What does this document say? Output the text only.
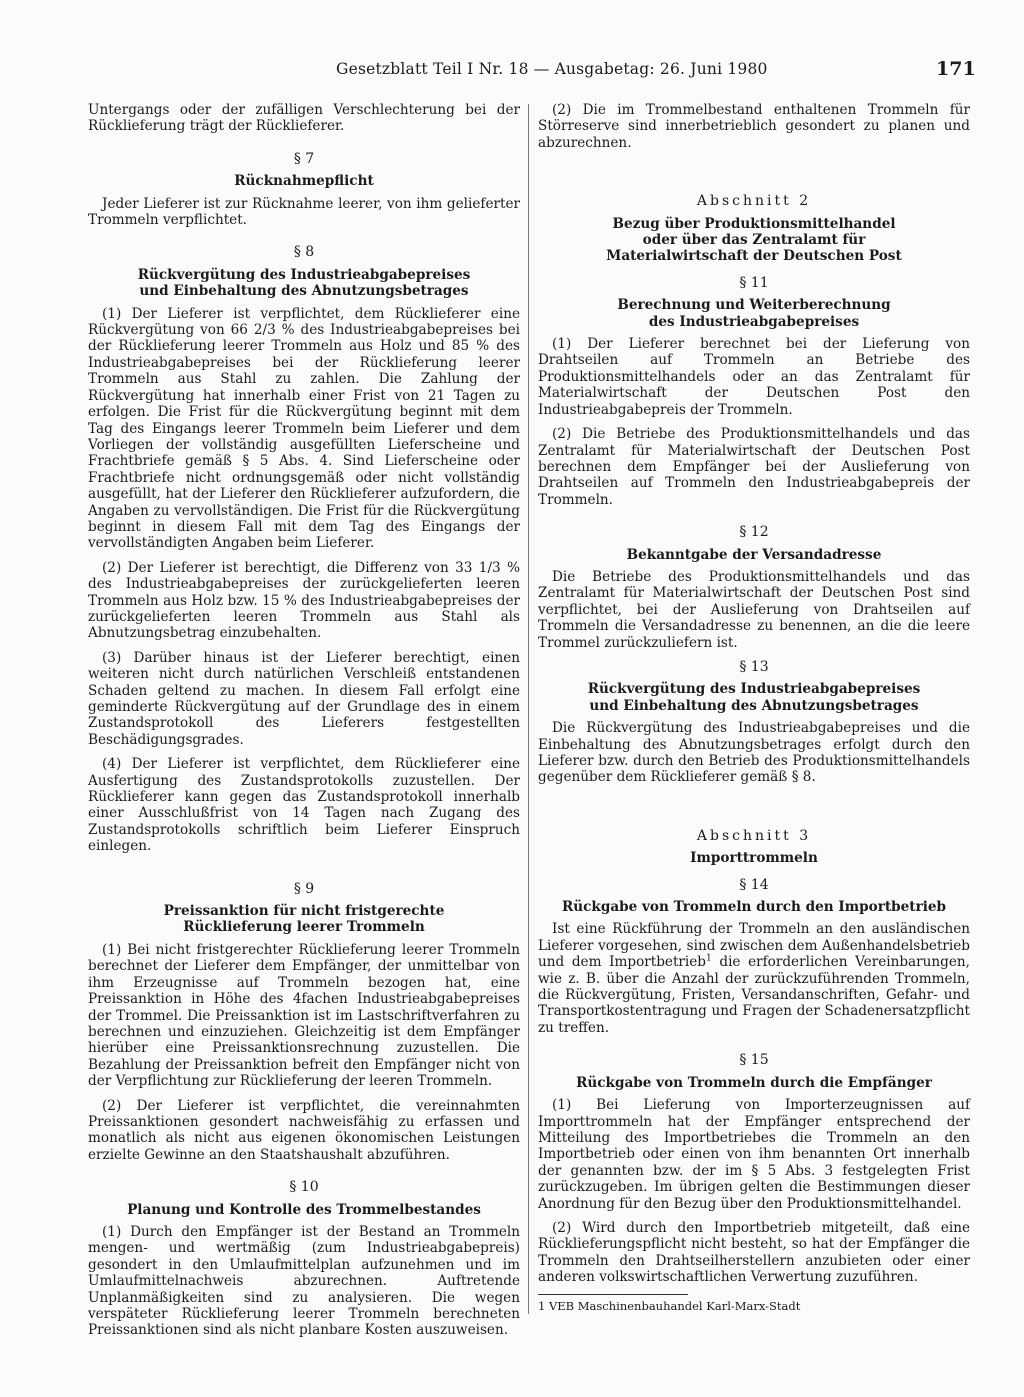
Gesetzblatt Teil I Nr. 18 — Ausgabetag: 26. Juni 1980	171

Untergangs oder der zufälligen Verschlechterung bei der Rücklieferung trägt der Rücklieferer.

§ 7
Rücknahmepflicht

Jeder Lieferer ist zur Rücknahme leerer, von ihm gelieferter Trommeln verpflichtet.

§ 8
Rückvergütung des Industrieabgabepreises
und Einbehaltung des Abnutzungsbetrages

(1) Der Lieferer ist verpflichtet, dem Rücklieferer eine Rückvergütung von 66 2/3 % des Industrieabgabepreises bei der Rücklieferung leerer Trommeln aus Holz und 85 % des Industrieabgabepreises bei der Rücklieferung leerer Trommeln aus Stahl zu zahlen. Die Zahlung der Rückvergütung hat innerhalb einer Frist von 21 Tagen zu erfolgen. Die Frist für die Rückvergütung beginnt mit dem Tag des Eingangs leerer Trommeln beim Lieferer und dem Vorliegen der vollständig ausgefüllten Lieferscheine und Frachtbriefe gemäß § 5 Abs. 4. Sind Lieferscheine oder Frachtbriefe nicht ordnungsgemäß oder nicht vollständig ausgefüllt, hat der Lieferer den Rücklieferer aufzufordern, die Angaben zu vervollständigen. Die Frist für die Rückvergütung beginnt in diesem Fall mit dem Tag des Eingangs der vervollständigten Angaben beim Lieferer.

(2) Der Lieferer ist berechtigt, die Differenz von 33 1/3 % des Industrieabgabepreises der zurückgelieferten leeren Trommeln aus Holz bzw. 15 % des Industrieabgabepreises der zurückgelieferten leeren Trommeln aus Stahl als Abnutzungsbetrag einzubehalten.

(3) Darüber hinaus ist der Lieferer berechtigt, einen weiteren nicht durch natürlichen Verschleiß entstandenen Schaden geltend zu machen. In diesem Fall erfolgt eine geminderte Rückvergütung auf der Grundlage des in einem Zustandsprotokoll des Lieferers festgestellten Beschädigungsgrades.

(4) Der Lieferer ist verpflichtet, dem Rücklieferer eine Ausfertigung des Zustandsprotokolls zuzustellen. Der Rücklieferer kann gegen das Zustandsprotokoll innerhalb einer Ausschlußfrist von 14 Tagen nach Zugang des Zustandsprotokolls schriftlich beim Lieferer Einspruch einlegen.

§ 9
Preissanktion für nicht fristgerechte
Rücklieferung leerer Trommeln

(1) Bei nicht fristgerechter Rücklieferung leerer Trommeln berechnet der Lieferer dem Empfänger, der unmittelbar von ihm Erzeugnisse auf Trommeln bezogen hat, eine Preissanktion in Höhe des 4fachen Industrieabgabepreises der Trommel. Die Preissanktion ist im Lastschriftverfahren zu berechnen und einzuziehen. Gleichzeitig ist dem Empfänger hierüber eine Preissanktionsrechnung zuzustellen. Die Bezahlung der Preissanktion befreit den Empfänger nicht von der Verpflichtung zur Rücklieferung der leeren Trommeln.

(2) Der Lieferer ist verpflichtet, die vereinnahmten Preissanktionen gesondert nachweisfähig zu erfassen und monatlich als nicht aus eigenen ökonomischen Leistungen erzielte Gewinne an den Staatshaushalt abzuführen.

§ 10
Planung und Kontrolle des Trommelbestandes

(1) Durch den Empfänger ist der Bestand an Trommeln mengen- und wertmäßig (zum Industrieabgabepreis) gesondert in den Umlaufmittelplan aufzunehmen und im Umlaufmittelnachweis abzurechnen. Auftretende Unplanmäßigkeiten sind zu analysieren. Die wegen verspäteter Rücklieferung leerer Trommeln berechneten Preissanktionen sind als nicht planbare Kosten auszuweisen.

(2) Die im Trommelbestand enthaltenen Trommeln für Störreserve sind innerbetrieblich gesondert zu planen und abzurechnen.

Abschnitt 2
Bezug über Produktionsmittelhandel
oder über das Zentralamt für
Materialwirtschaft der Deutschen Post
§ 11
Berechnung und Weiterberechnung
des Industrieabgabepreises

(1) Der Lieferer berechnet bei der Lieferung von Drahtseilen auf Trommeln an Betriebe des Produktionsmittelhandels oder an das Zentralamt für Materialwirtschaft der Deutschen Post den Industrieabgabepreis der Trommeln.

(2) Die Betriebe des Produktionsmittelhandels und das Zentralamt für Materialwirtschaft der Deutschen Post berechnen dem Empfänger bei der Auslieferung von Drahtseilen auf Trommeln den Industrieabgabepreis der Trommeln.

§ 12
Bekanntgabe der Versandadresse

Die Betriebe des Produktionsmittelhandels und das Zentralamt für Materialwirtschaft der Deutschen Post sind verpflichtet, bei der Auslieferung von Drahtseilen auf Trommeln die Versandadresse zu benennen, an die die leere Trommel zurückzuliefern ist.

§ 13
Rückvergütung des Industrieabgabepreises
und Einbehaltung des Abnutzungsbetrages

Die Rückvergütung des Industrieabgabepreises und die Einbehaltung des Abnutzungsbetrages erfolgt durch den Lieferer bzw. durch den Betrieb des Produktionsmittelhandels gegenüber dem Rücklieferer gemäß § 8.

Abschnitt 3
Importtrommeln
§ 14
Rückgabe von Trommeln durch den Importbetrieb

Ist eine Rückführung der Trommeln an den ausländischen Lieferer vorgesehen, sind zwischen dem Außenhandelsbetrieb und dem Importbetrieb$^1$ die erforderlichen Vereinbarungen, wie z. B. über die Anzahl der zurückzuführenden Trommeln, die Rückvergütung, Fristen, Versandanschriften, Gefahr- und Transportkostentragung und Fragen der Schadenersatzpflicht zu treffen.

§ 15
Rückgabe von Trommeln durch die Empfänger

(1) Bei Lieferung von Importerzeugnissen auf Importtrommeln hat der Empfänger entsprechend der Mitteilung des Importbetriebes die Trommeln an den Importbetrieb oder einen von ihm benannten Ort innerhalb der genannten bzw. der im § 5 Abs. 3 festgelegten Frist zurückzugeben. Im übrigen gelten die Bestimmungen dieser Anordnung für den Bezug über den Produktionsmittelhandel.

(2) Wird durch den Importbetrieb mitgeteilt, daß eine Rücklieferungspflicht nicht besteht, so hat der Empfänger die Trommeln den Drahtseilherstellern anzubieten oder einer anderen volkswirtschaftlichen Verwertung zuzuführen.

1 VEB Maschinenbauhandel Karl-Marx-Stadt
